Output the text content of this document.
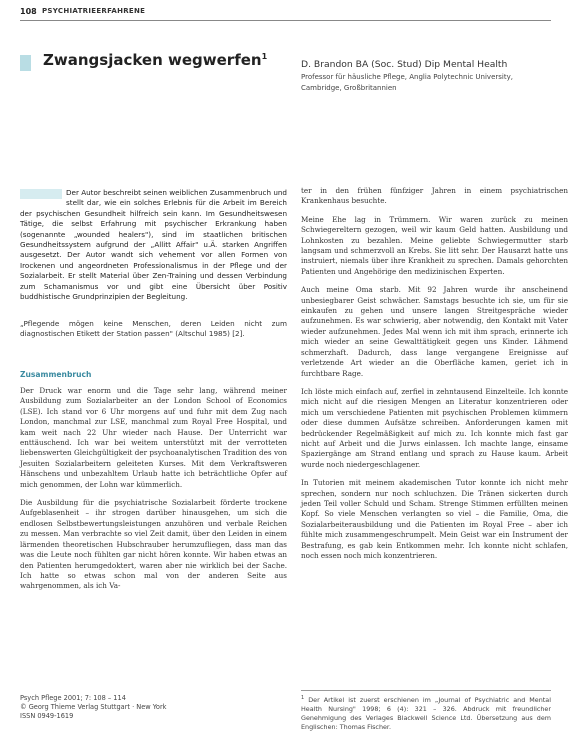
108 PSYCHIATRIEERFAHRENE
Zwangsjacken wegwerfen$^1$
D. Brandon BA (Soc. Stud) Dip Mental Health
Professor für häusliche Pflege, Anglia Polytechnic University, Cambridge, Großbritannien
Der Autor beschreibt seinen weiblichen Zusammenbruch und stellt dar, wie ein solches Erlebnis für die Arbeit im Bereich der psychischen Gesundheit hilfreich sein kann. Im Gesundheitswesen Tätige, die selbst Erfahrung mit psychischer Erkrankung haben (sogenannte „wounded healers"), sind im staatlichen britischen Gesundheitssystem aufgrund der „Allitt Affair" u.Ä. starken Angriffen ausgesetzt. Der Autor wandt sich vehement vor allen Formen von Irockenen und angeordneten Professionalismus in der Pflege und der Sozialarbeit. Er stellt Material über Zen-Training und dessen Verbindung zum Schamanismus vor und gibt eine Übersicht über Positiv buddhistische Grundprinzipien der Begleitung.
„Pflegende mögen keine Menschen, deren Leiden nicht zum diagnostischen Etikett der Station passen" (Altschul 1985) [2].
Zusammenbruch

Der Druck war enorm und die Tage sehr lang, während meiner Ausbildung zum Sozialarbeiter an der London School of Economics (LSE). Ich stand vor 6 Uhr morgens auf und fuhr mit dem Zug nach London, manchmal zur LSE, manchmal zum Royal Free Hospital, und kam weit nach 22 Uhr wieder nach Hause. Der Unterricht war enttäuschend. Ich war bei weitem unterstützt mit der verrotteten liebenswerten Gleichgültigkeit der psychoanalytischen Tradition des von Jesuiten Sozialarbeitern geleiteten Kurses. Mit dem Verkraftsweren Hänschens und unbezahltem Urlaub hatte ich beträchtliche Opfer auf mich genommen, der Lohn war kümmerlich.

Die Ausbildung für die psychiatrische Sozialarbeit förderte trockene Aufgeblasenheit – ihr strogen darüber hinausgehen, um sich die endlosen Selbstbewertungsleistungen anzuhören und verbale Reichen zu messen. Man verbrachte so viel Zeit damit, über den Leiden in einem lärmenden theoretischen Hubschrauber herumzufliegen, dass man das was die Leute noch fühlten gar nicht hören konnte. Wir haben etwas an den Patienten herumgedoktert, waren aber nie wirklich bei der Sache. Ich hatte so etwas schon mal von der anderen Seite aus wahrgenommen, als ich Va-

ter in den frühen fünfziger Jahren in einem psychiatrischen Krankenhaus besuchte.

Meine Ehe lag in Trümmern. Wir waren zurück zu meinen Schwiegereltern gezogen, weil wir kaum Geld hatten. Ausbildung und Lohnkosten zu bezahlen. Meine geliebte Schwiegermutter starb langsam und schmerzvoll an Krebs. Sie litt sehr. Der Hausarzt hatte uns instruiert, niemals über ihre Krankheit zu sprechen. Damals gehorchten Patienten und Angehörige den medizinischen Experten.

Auch meine Oma starb. Mit 92 Jahren wurde ihr anscheinend unbesiegbarer Geist schwächer. Samstags besuchte ich sie, um für sie einkaufen zu gehen und unsere langen Streitgespräche wieder aufzunehmen. Es war schwierig, aber notwendig, den Kontakt mit Vater wieder aufzunehmen. Jedes Mal wenn ich mit ihm sprach, erinnerte ich mich wieder an seine Gewalttätigkeit gegen uns Kinder. Lähmend schmerzhaft. Dadurch, dass lange vergangene Ereignisse auf verletzende Art wieder an die Oberfläche kamen, geriet ich in furchtbare Rage.

Ich löste mich einfach auf, zerfiel in zehntausend Einzelteile. Ich konnte mich nicht auf die riesigen Mengen an Literatur konzentrieren oder mich um verschiedene Patienten mit psychischen Problemen kümmern oder diese dummen Aufsätze schreiben. Anforderungen kamen mit bedrückender Regelmäßigkeit auf mich zu. Ich konnte mich fast gar nicht auf Arbeit und die Jurws einlassen. Ich machte lange, einsame Spaziergänge am Strand entlang und sprach zu Hause kaum. Arbeit wurde noch niedergeschlagener.

In Tutorien mit meinem akademischen Tutor konnte ich nicht mehr sprechen, sondern nur noch schluchzen. Die Tränen sickerten durch jeden Teil voller Schuld und Scham. Strenge Stimmen erfüllten meinen Kopf. So viele Menschen verlangten so viel – die Familie, Oma, die Sozialarbeiterausbildung und die Patienten im Royal Free – aber ich fühlte mich zusammengeschrumpelt. Mein Geist war ein Instrument der Bestrafung, es gab kein Entkommen mehr. Ich konnte nicht schlafen, noch essen noch mich konzentrieren.

Psych Pflege 2001; 7: 108 – 114
© Georg Thieme Verlag Stuttgart · New York
ISSN 0949-1619
$^1$ Der Artikel ist zuerst erschienen im „Journal of Psychiatric and Mental Health Nursing" 1998; 6 (4): 321 – 326. Abdruck mit freundlicher Genehmigung des Verlages Blackwell Science Ltd. Übersetzung aus dem Englischen: Thomas Fischer.
